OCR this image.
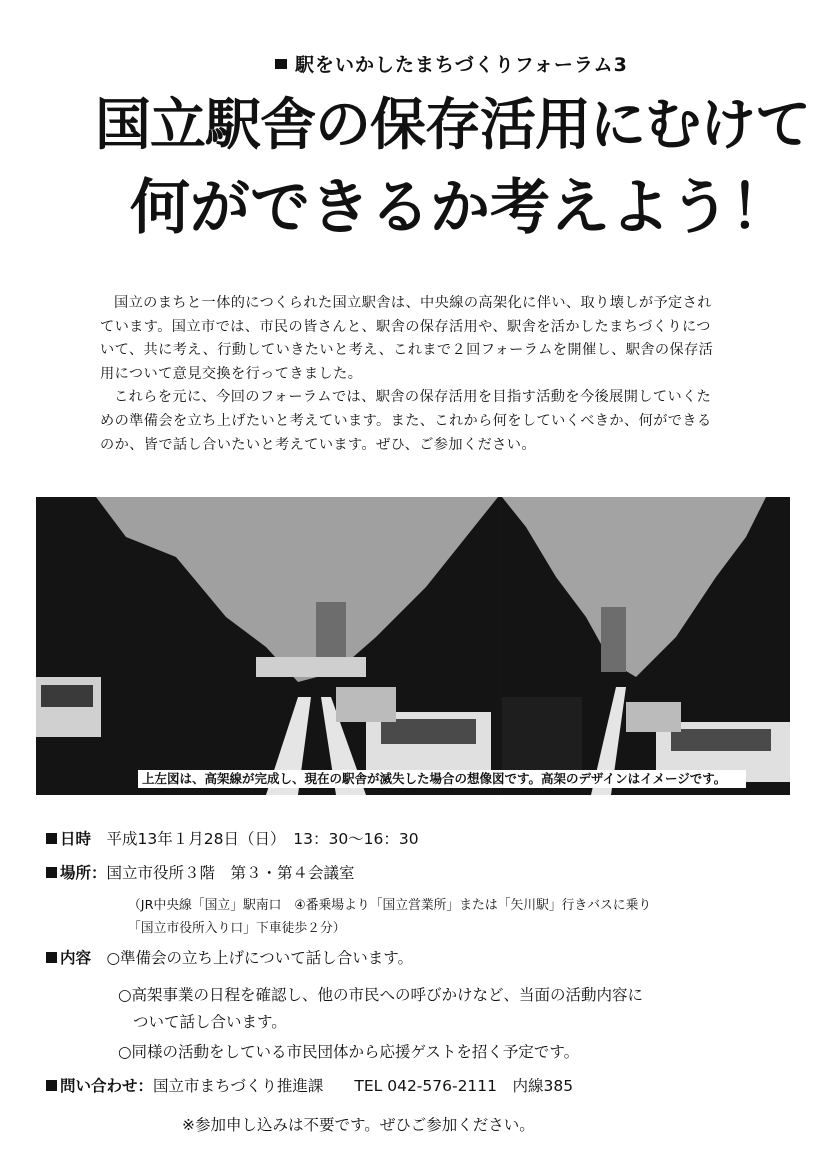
駅をいかしたまちづくりフォーラム3
国立駅舎の保存活用にむけて
何ができるか考えよう！

国立のまちと一体的につくられた国立駅舎は、中央線の高架化に伴い、取り壊しが予定されています。国立市では、市民の皆さんと、駅舎の保存活用や、駅舎を活かしたまちづくりについて、共に考え、行動していきたいと考え、これまで２回フォーラムを開催し、駅舎の保存活用について意見交換を行ってきました。

これらを元に、今回のフォーラムでは、駅舎の保存活用を目指す活動を今後展開していくための準備会を立ち上げたいと考えています。また、これから何をしていくべきか、何ができるのか、皆で話し合いたいと考えています。ぜひ、ご参加ください。

上左図は、高架線が完成し、現在の駅舎が滅失した場合の想像図です。高架のデザインはイメージです。
日時　 平成13年１月28日（日）　13：30〜16：30
場所：国立市役所３階　第３・第４会議室
（JR中央線「国立」駅南口　④番乗場より「国立営業所」または「矢川駅」行きバスに乗り
「国立市役所入り口」下車徒歩２分）
内容　 ○準備会の立ち上げについて話し合います。
○高架事業の日程を確認し、他の市民への呼びかけなど、当面の活動内容に
ついて話し合います。
○同様の活動をしている市民団体から応援ゲストを招く予定です。
問い合わせ：国立市まちづくり推進課　　 TEL 042-576-2111　内線385
※参加申し込みは不要です。ぜひご参加ください。
